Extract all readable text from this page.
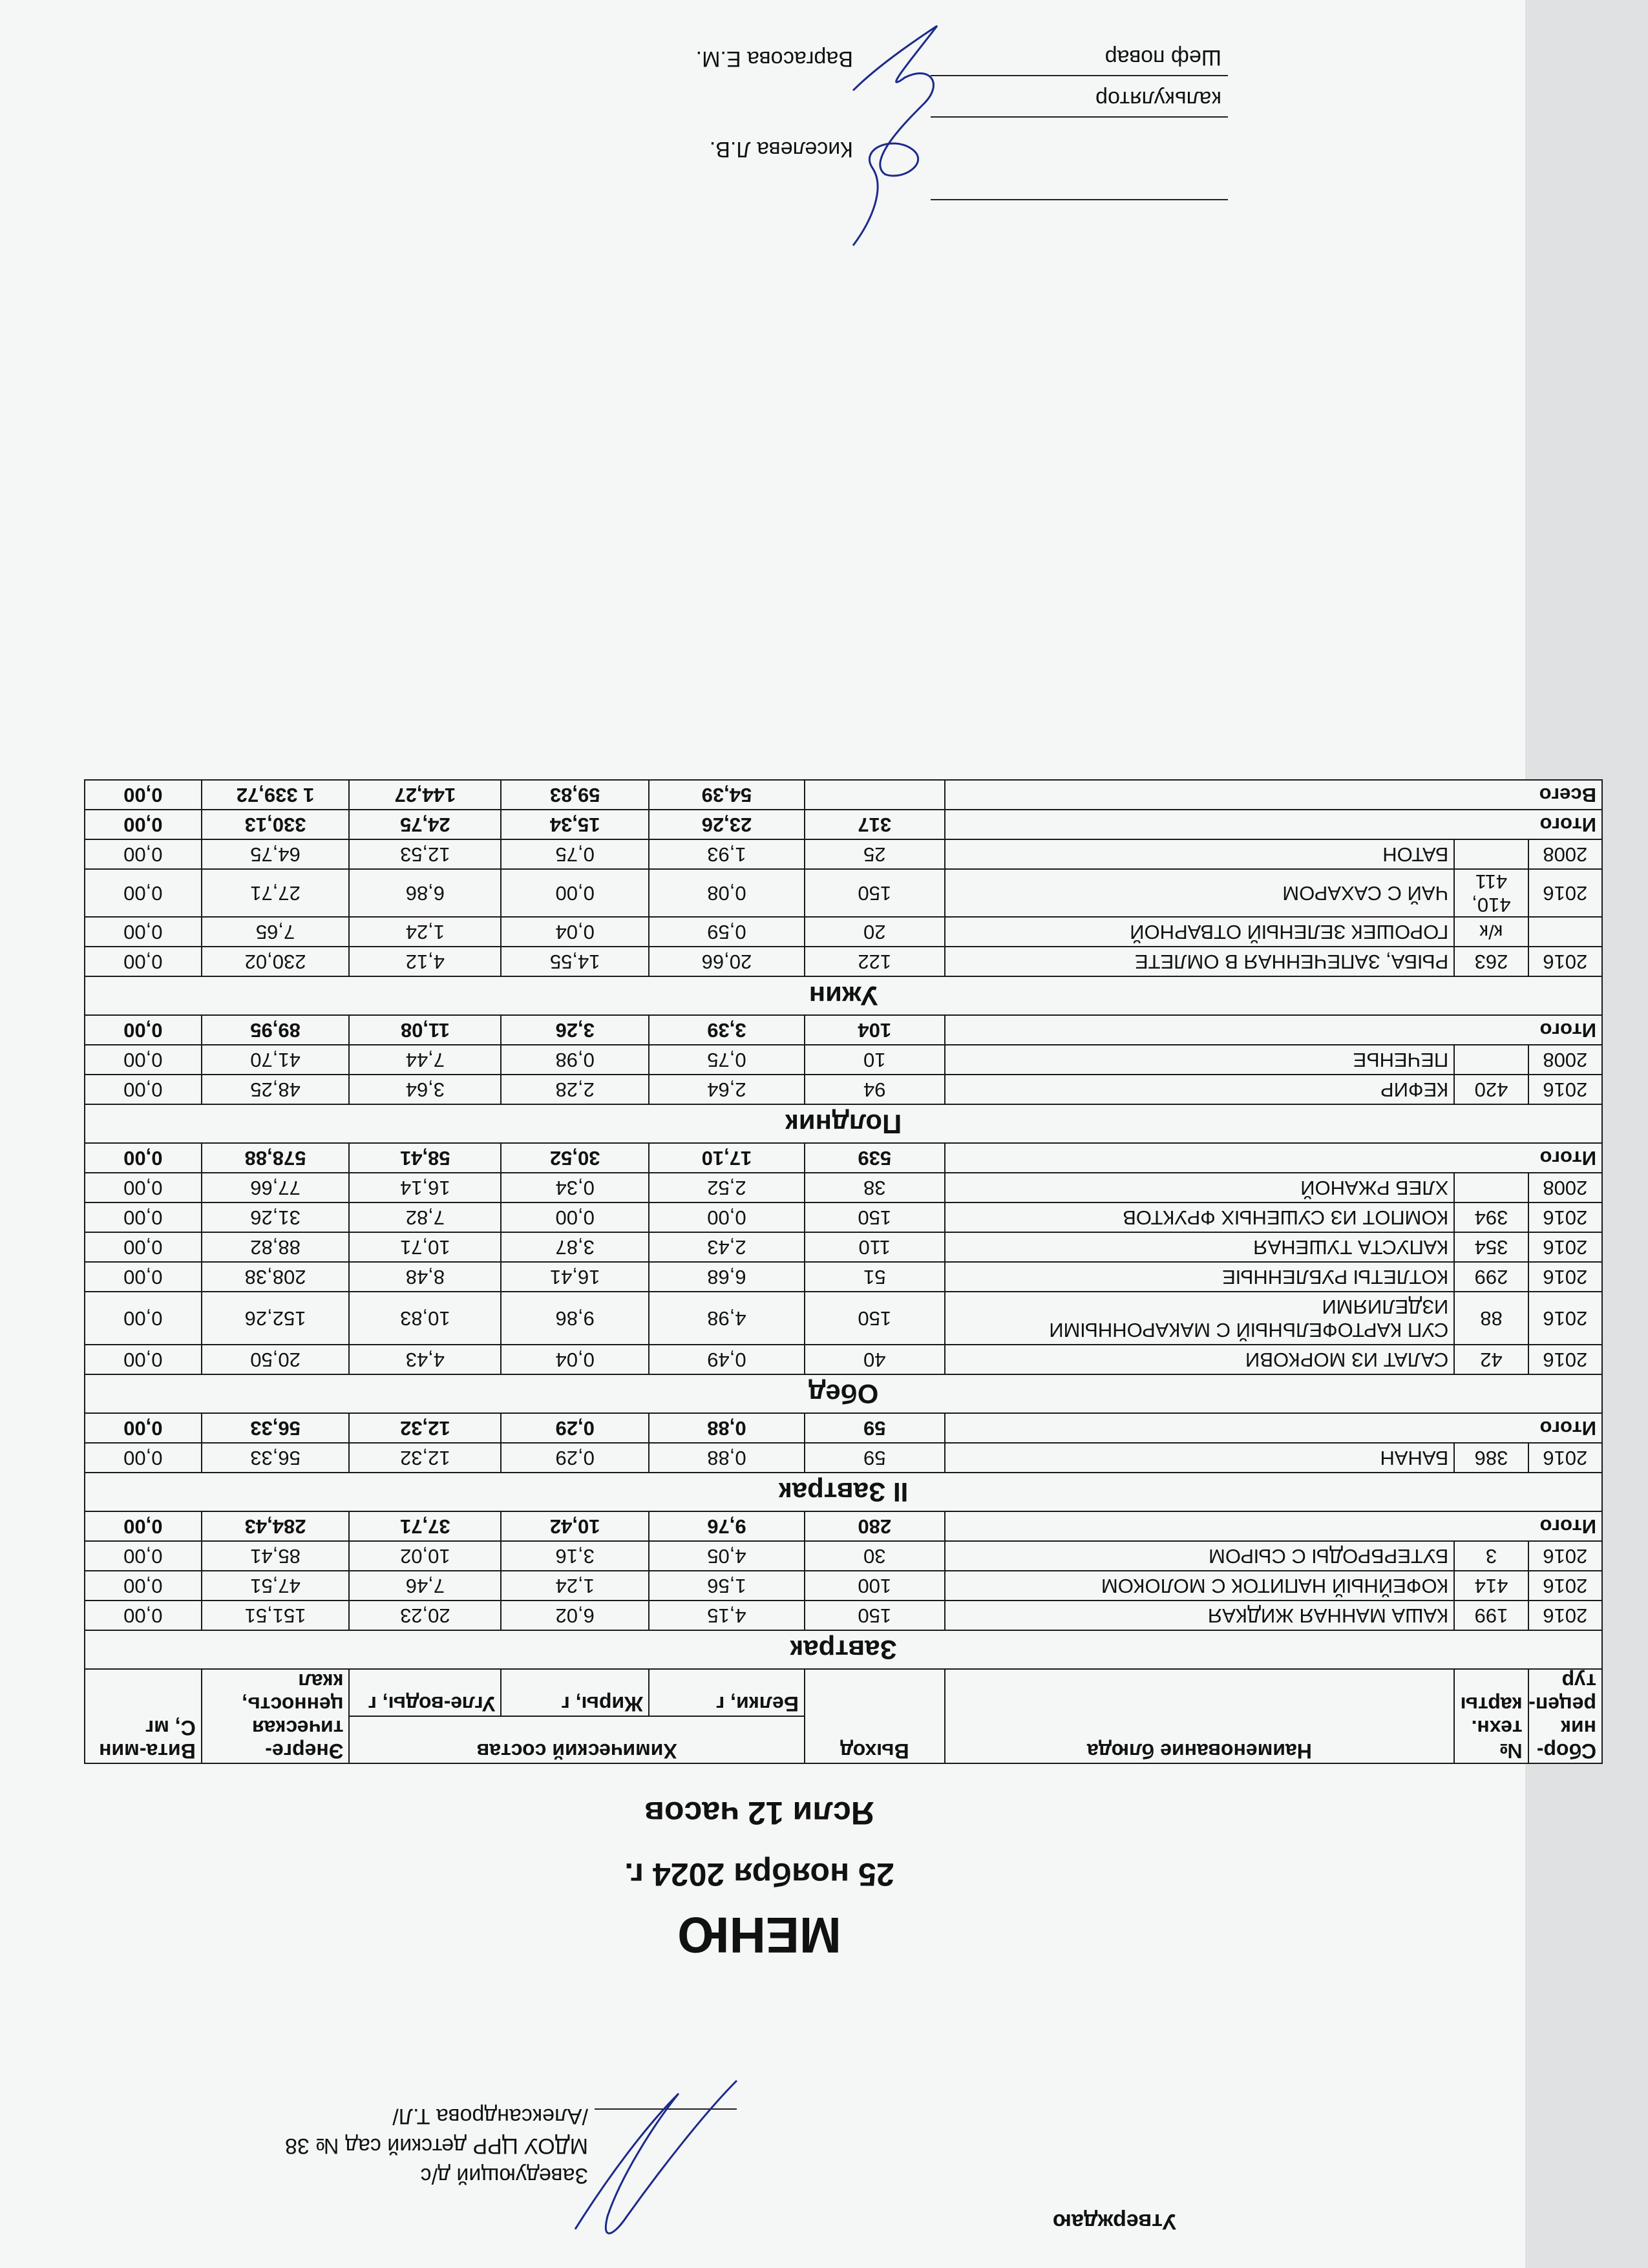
Утверждаю
Заведующий д/с
МДОУ ЦРР детский сад № 38
/Александрова Т.Л/
МЕНЮ
25 ноября 2024 г.
Ясли 12 часов
Сбор-ник рецеп-тур	№ техн. карты	Наименование блюда	Выход	Химический состав			Энерге-тическая ценность, ккал	Вита-мин С, мг
				Белки, г	Жиры, г	Угле-воды, г		
Завтрак								
2016	199	КАША МАННАЯ ЖИДКАЯ	150	4,15	6,02	20,23	151,51	0,00
2016	414	КОФЕЙНЫЙ НАПИТОК С МОЛОКОМ	100	1,56	1,24	7,46	47,51	0,00
2016	3	БУТЕРБРОДЫ С СЫРОМ	30	4,05	3,16	10,02	85,41	0,00
Итого			280	9,76	10,42	37,71	284,43	0,00
II Завтрак								
2016	386	БАНАН	59	0,88	0,29	12,32	56,33	0,00
Итого			59	0,88	0,29	12,32	56,33	0,00
Обед								
2016	42	САЛАТ ИЗ МОРКОВИ	40	0,49	0,04	4,43	20,50	0,00
2016	88	СУП КАРТОФЕЛЬНЫЙ С МАКАРОННЫМИ ИЗДЕЛИЯМИ	150	4,98	9,86	10,83	152,26	0,00
2016	299	КОТЛЕТЫ РУБЛЕННЫЕ	51	6,68	16,41	8,48	208,38	0,00
2016	354	КАПУСТА ТУШЕНАЯ	110	2,43	3,87	10,71	88,82	0,00
2016	394	КОМПОТ ИЗ СУШЕНЫХ ФРУКТОВ	150	0,00	0,00	7,82	31,26	0,00
2008		ХЛЕБ РЖАНОЙ	38	2,52	0,34	16,14	77,66	0,00
Итого			539	17,10	30,52	58,41	578,88	0,00
Полдник								
2016	420	КЕФИР	94	2,64	2,28	3,64	48,25	0,00
2008		ПЕЧЕНЬЕ	10	0,75	0,98	7,44	41,70	0,00
Итого			104	3,39	3,26	11,08	89,95	0,00
Ужин								
2016	263	РЫБА, ЗАПЕЧЕННАЯ В ОМЛЕТЕ	122	20,66	14,55	4,12	230,02	0,00
	к/к	ГОРОШЕК ЗЕЛЕНЫЙ ОТВАРНОЙ	20	0,59	0,04	1,24	7,65	0,00
2016	410, 411	ЧАЙ С САХАРОМ	150	0,08	0,00	6,86	27,71	0,00
2008		БАТОН	25	1,93	0,75	12,53	64,75	0,00
Итого			317	23,26	15,34	24,75	330,13	0,00
Всего				54,39	59,83	144,27	1 339,72	0,00
калькулятор
Киселева Л.В.
Шеф повар
Варгасова Е.М.
